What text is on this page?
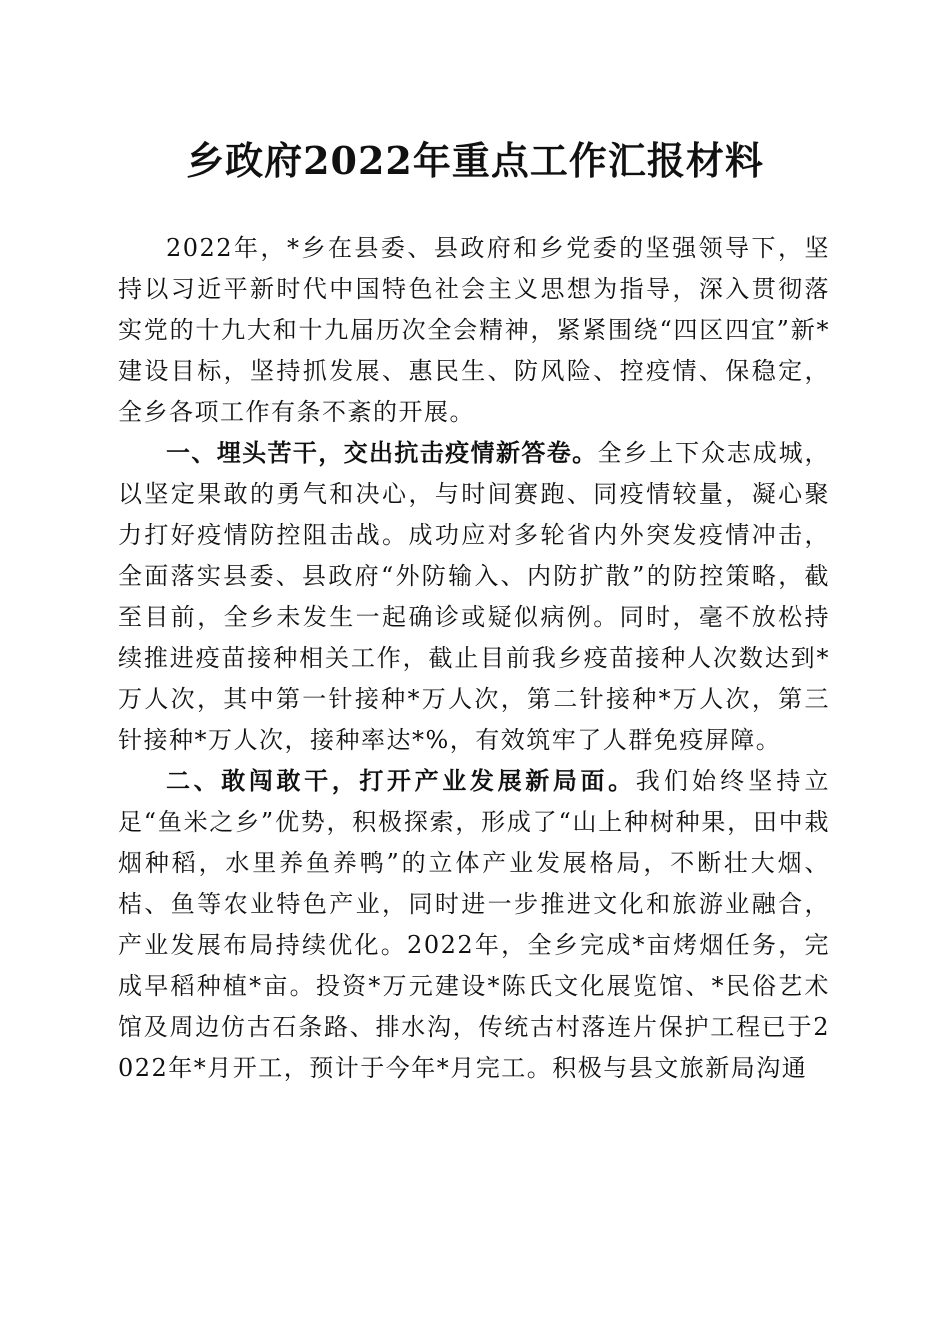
乡政府2022年重点工作汇报材料

2022年，*乡在县委、县政府和乡党委的坚强领导下，坚持以习近平新时代中国特色社会主义思想为指导，深入贯彻落实党的十九大和十九届历次全会精神，紧紧围绕“四区四宜”新*建设目标，坚持抓发展、惠民生、防风险、控疫情、保稳定，全乡各项工作有条不紊的开展。

一、埋头苦干，交出抗击疫情新答卷。全乡上下众志成城，以坚定果敢的勇气和决心，与时间赛跑、同疫情较量，凝心聚力打好疫情防控阻击战。成功应对多轮省内外突发疫情冲击，全面落实县委、县政府“外防输入、内防扩散”的防控策略，截至目前，全乡未发生一起确诊或疑似病例。同时，毫不放松持续推进疫苗接种相关工作，截止目前我乡疫苗接种人次数达到*万人次，其中第一针接种*万人次，第二针接种*万人次，第三针接种*万人次，接种率达*%，有效筑牢了人群免疫屏障。

二、敢闯敢干，打开产业发展新局面。我们始终坚持立足“鱼米之乡”优势，积极探索，形成了“山上种树种果，田中栽烟种稻，水里养鱼养鸭”的立体产业发展格局，不断壮大烟、桔、鱼等农业特色产业，同时进一步推进文化和旅游业融合，产业发展布局持续优化。2022年，全乡完成*亩烤烟任务，完成早稻种植*亩。投资*万元建设*陈氏文化展览馆、*民俗艺术馆及周边仿古石条路、排水沟，传统古村落连片保护工程已于2022年*月开工，预计于今年*月完工。积极与县文旅新局沟通
